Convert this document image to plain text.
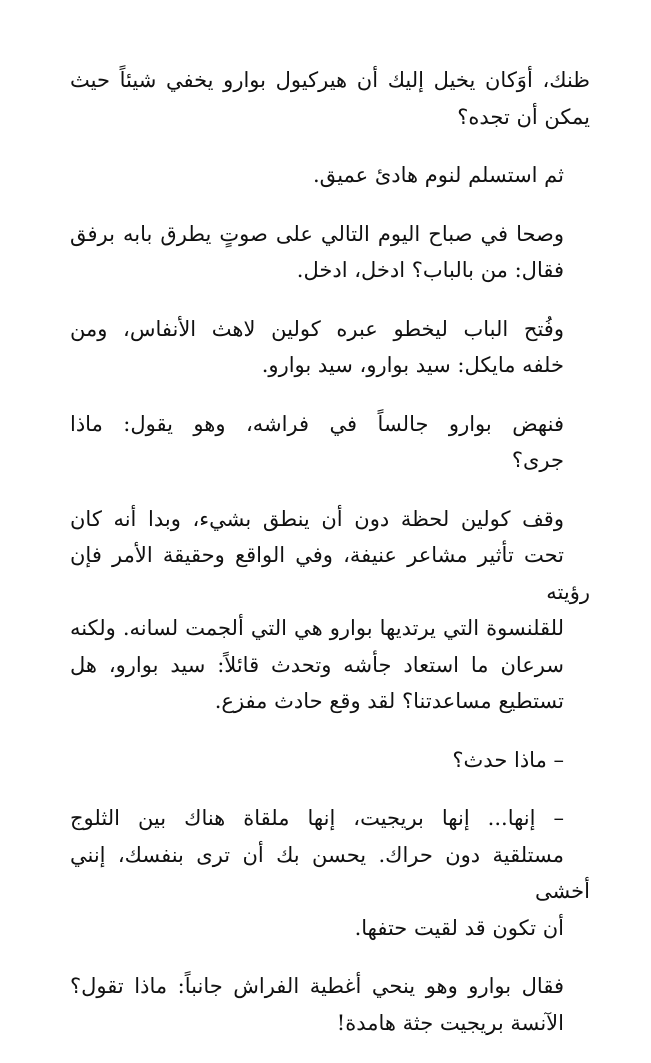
ظنك، أوَكان يخيل إليك أن هيركيول بوارو يخفي شيئاً حيث
يمكن أن تجده؟
ثم استسلم لنوم هادئ عميق.
وصحا في صباح اليوم التالي على صوتٍ يطرق بابه برفق
فقال: من بالباب؟ ادخل، ادخل.
وفُتح الباب ليخطو عبره كولين لاهث الأنفاس، ومن
خلفه مايكل: سيد بوارو، سيد بوارو.
فنهض بوارو جالساً في فراشه، وهو يقول: ماذا
جرى؟
وقف كولين لحظة دون أن ينطق بشيء، وبدا أنه كان
تحت تأثير مشاعر عنيفة، وفي الواقع وحقيقة الأمر فإن رؤيته
للقلنسوة التي يرتديها بوارو هي التي ألجمت لسانه. ولكنه
سرعان ما استعاد جأشه وتحدث قائلاً: سيد بوارو، هل
تستطيع مساعدتنا؟ لقد وقع حادث مفزع.
– ماذا حدث؟
– إنها... إنها بريجيت، إنها ملقاة هناك بين الثلوج
مستلقية دون حراك. يحسن بك أن ترى بنفسك، إنني أخشى
أن تكون قد لقيت حتفها.
فقال بوارو وهو ينحي أغطية الفراش جانباً: ماذا تقول؟
الآنسة بريجيت جثة هامدة!
